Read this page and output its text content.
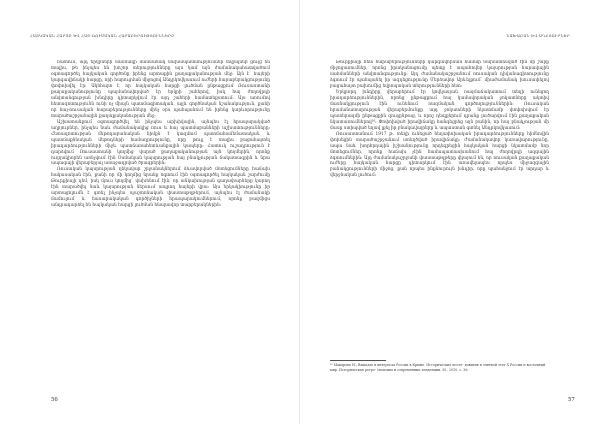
ՀԱՅԿԱԿԱՆ ՀԱՐՑԸ ԵՎ ՀԱՅ-ՌՈՒՍԱԿԱՆ ՀԱՐԱԲԵՐՈՒԹՅՈՒՆՆԵՐԸ

ռատում, այդ երկրների մասնակի մանսանակ նախապատմություններ տվյալներ ցույց են տալիս, թե ինչպես են խոշոր տերությունները այս կամ այն ժամանակահատվածում օգտագործել հայկական գործոնը իրենց արտաքին քաղաքականության մեջ: Այն է՝ հայերի կարգավիճակի հարցը, որի հարուցման միջոցով Անդրկովկասում ուժերի հարաբերակցությունը փոփոխվել էր: Ակնհայտ է, որ հայկական հարցի լուծման ընթացքում Ռուսաստանի քաղաքականությունը պայմանավորված էր երկրի շահերով, իսկ հայ ժողովրդի անվտանգության խնդիրը դիտարկվում էր այդ շահերի համատեքստում: Այս առումով հետազոտությունն ունի ոչ միայն պատմագիտական, այլև գործնական նշանակություն, քանի որ հայ-ռուսական հարաբերությունները մինչ օրս պահպանում են իրենց կարևորությունը տարածաշրջանային քաղաքականության մեջ:

Աշխատանքում օգտագործվել են ինչպես արխիվային, այնպես էլ հրապարակված աղբյուրներ, ինչպես նաև ժամանակակից ռուս և հայ պատմաբանների աշխատությունները: Հետազոտության մեթոդաբանական հիմքն է կազմում պատմահամեմատական և պատմաքննական մեթոդների համադրությունը, որը թույլ է տալիս բացահայտել իրադարձությունների միջև պատճառահետևանքային կապերը: Հատուկ ուշադրություն է դարձվում Ռուսաստանի կողմից վարած քաղաքականության այն կողմերին, որոնք ուղղակիորեն առնչվում էին Օսմանյան կայսրության հայ բնակչության ճակատագրին և նրա ապագայի վերաբերյալ առաջադրված ծրագրերին:

Ռուսական կայսրության ղեկավար շրջանակներում ձևավորված մոտեցումները հաճախ հակասական էին, քանի որ մի կողմից նրանք ձգտում էին օգտագործել հայկական շարժումը Թուրքիայի դեմ, իսկ մյուս կողմից՝ վախենում էին, որ անկախության գաղափարները կարող էին տարածվել նաև կայսրության ներսում ապրող հայերի վրա: Այս երկակիությունը իր արտացոլումն է գտել ինչպես պաշտոնական փաստաթղթերում, այնպես էլ ժամանակի մամուլում և հասարակական գործիչների հրապարակումներում, որոնք բազմիցս անդրադարձել են հայկական հարցի լուծման հնարավոր տարբերակներին:

56
ՆԱԽԱԲԱՆ ԵՎ ԱՂԲՅՈՒՐՆԵՐ

Թուրքիայի հետ հարաբերությունների կարգավորման համար նախատեսված էին մի շարք միջոցառումներ, որոնց իրականացումը պետք է ապահովեր կայսրության հարավային սահմանների անվտանգությունը: Այդ ժամանակաշրջանում ռուսական դիվանագիտությունը ձգտում էր պահպանել իր ազդեցությունը Մերձավոր Արևելքում՝ միաժամանակ խուսափելով բացահայտ բախումից եվրոպական տերությունների հետ:

Երկրորդ խնդիրը վերաբերում էր կովկասյան ռազմաճակատում տեղի ունեցող իրադարձություններին, որոնց ընթացքում հայ կամավորական ջոկատները ակտիվ մասնակցություն էին ունենում ռազմական գործողություններին: Ռուսական հրամանատարության վերաբերմունքը այդ ջոկատների նկատմամբ փոփոխվում էր պատերազմի ընթացքին զուգընթաց, և որոշ դեպքերում դրանք լուծարվում էին քաղաքական նկատառումներով¹⁶: Փոփոխված իրավիճակը հանգեցրեց այն բանին, որ հայ բնակչության մի մասը ստիպված եղավ լքել իր բնակավայրերը և ապաստան գտնել Անդրկովկասում:

Ռուսաստանում 1917 թ. տեղի ունեցած հեղափոխական իրադարձությունները հիմնովին փոխեցին տարածաշրջանում ստեղծված իրավիճակը: Ժամանակավոր կառավարությունը, ապա նաև խորհրդային իշխանությունը որդեգրեցին հայկական հարցի նկատմամբ նոր մոտեցումներ, որոնք հաճախ չէին համապատասխանում հայ ժողովրդի ազգային ձգտումներին: Այդ ժամանակաշրջանի փաստաթղթերը վկայում են, որ ռուսական քաղաքական ուժերը հայկական հարցը դիտարկում էին առավելապես որպես միջազգային բանակցությունների միջոց, քան որպես ինքնուրույն խնդիր, որը պահանջում էր արդար և վերջնական լուծում:

¹⁶ Макарова Н., Вашадзе в интересах России в Крыме. Исторические иссле- дования в элитной этот Х России и восточный мир. Историческая ретро- спектива и современные тенденции. М., 2010. с. 36.
57
